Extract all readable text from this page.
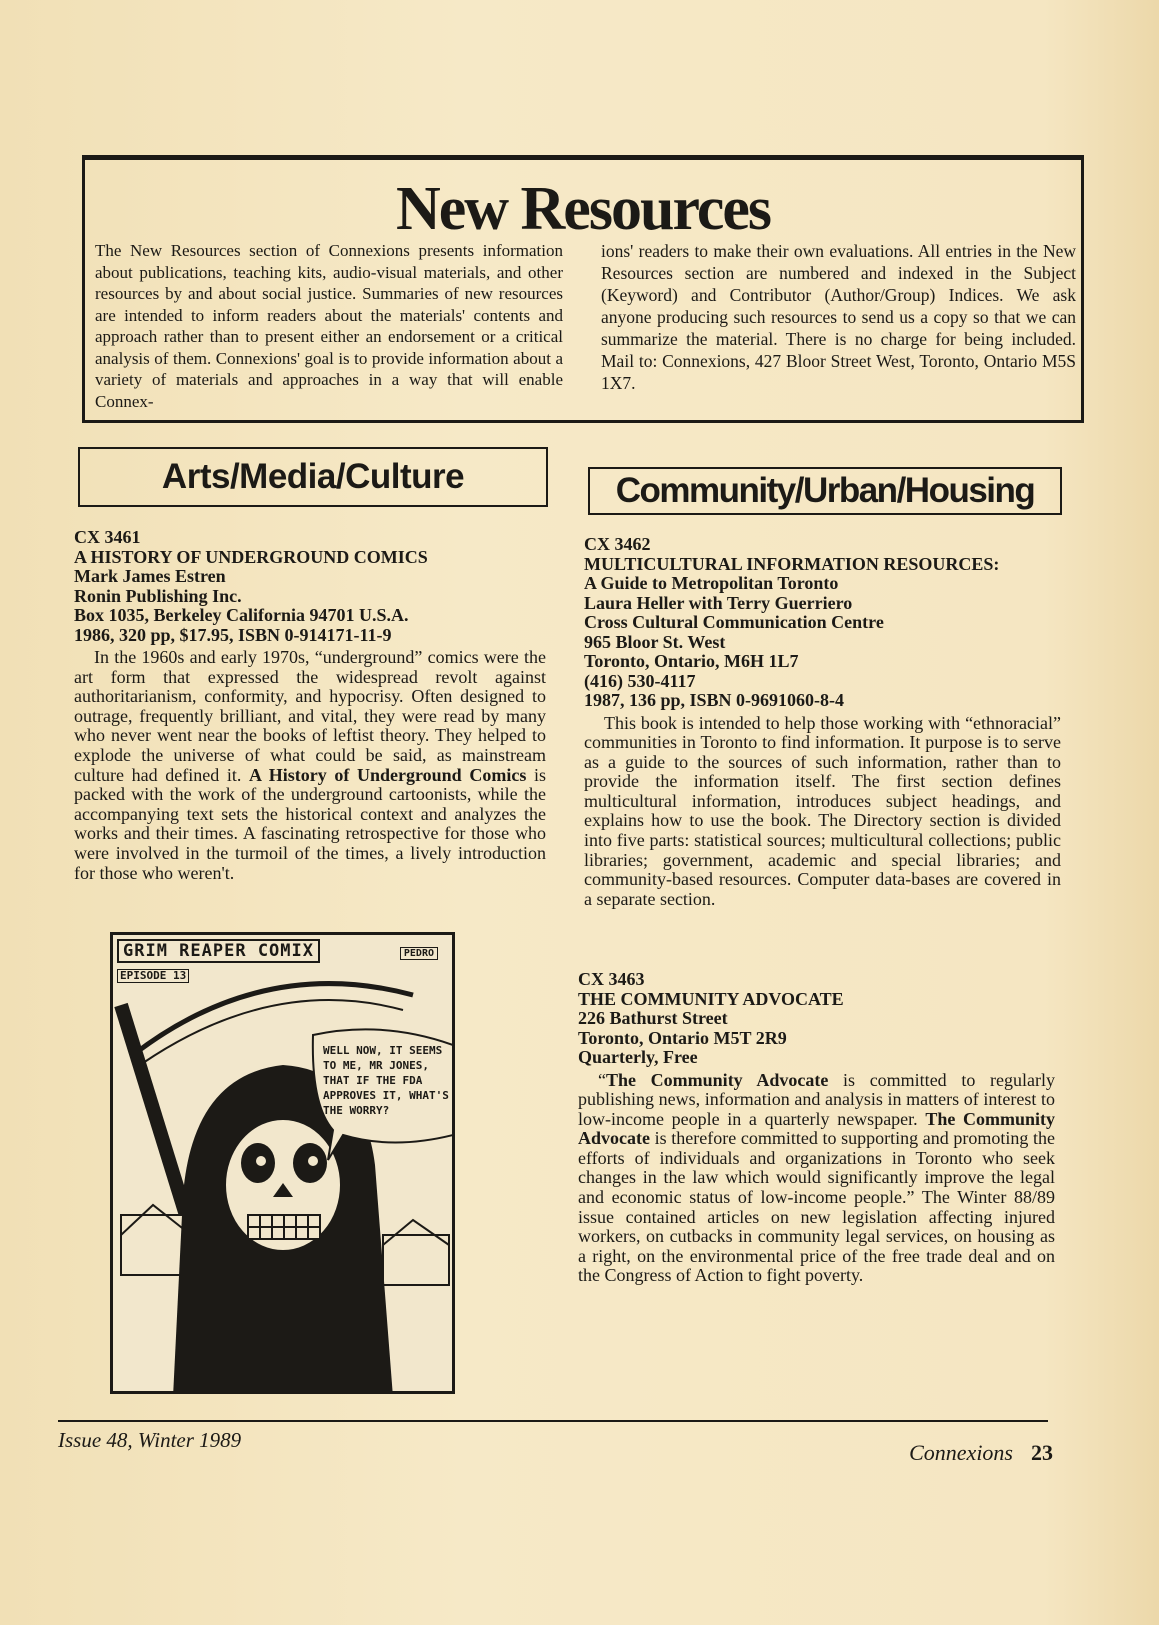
New Resources

The New Resources section of Connexions presents information about publications, teaching kits, audio-visual materials, and other resources by and about social justice. Summaries of new resources are intended to inform readers about the materials' contents and approach rather than to present either an endorsement or a critical analysis of them. Connexions' goal is to provide information about a variety of materials and approaches in a way that will enable Connex-

ions' readers to make their own evaluations. All entries in the New Resources section are numbered and indexed in the Subject (Keyword) and Contributor (Author/Group) Indices. We ask anyone producing such resources to send us a copy so that we can summarize the material. There is no charge for being included. Mail to: Connexions, 427 Bloor Street West, Toronto, Ontario M5S 1X7.

Arts/Media/Culture	Community/Urban/Housing

CX 3461

A HISTORY OF UNDERGROUND COMICS

Mark James Estren

Ronin Publishing Inc.

Box 1035, Berkeley California 94701 U.S.A.

1986, 320 pp, $17.95, ISBN 0-914171-11-9

In the 1960s and early 1970s, “underground” comics were the art form that expressed the widespread revolt against authoritarianism, conformity, and hypocrisy. Often designed to outrage, frequently brilliant, and vital, they were read by many who never went near the books of leftist theory. They helped to explode the universe of what could be said, as mainstream culture had defined it. A History of Underground Comics is packed with the work of the underground cartoonists, while the accompanying text sets the historical context and analyzes the works and their times. A fascinating retrospective for those who were involved in the turmoil of the times, a lively introduction for those who weren't.

GRIM REAPER COMIX	PEDRO
EPISODE 13
WELL NOW, IT SEEMS TO ME, MR JONES, THAT IF THE FDA APPROVES IT, WHAT'S THE WORRY?

CX 3462

MULTICULTURAL INFORMATION RESOURCES:

A Guide to Metropolitan Toronto

Laura Heller with Terry Guerriero

Cross Cultural Communication Centre

965 Bloor St. West

Toronto, Ontario, M6H 1L7

(416) 530-4117

1987, 136 pp, ISBN 0-9691060-8-4

This book is intended to help those working with “ethnoracial” communities in Toronto to find information. It purpose is to serve as a guide to the sources of such information, rather than to provide the information itself. The first section defines multicultural information, introduces subject headings, and explains how to use the book. The Directory section is divided into five parts: statistical sources; multicultural collections; public libraries; government, academic and special libraries; and community-based resources. Computer data-bases are covered in a separate section.

CX 3463

THE COMMUNITY ADVOCATE

226 Bathurst Street

Toronto, Ontario M5T 2R9

Quarterly, Free

“The Community Advocate is committed to regularly publishing news, information and analysis in matters of interest to low-income people in a quarterly newspaper. The Community Advocate is therefore committed to supporting and promoting the efforts of individuals and organizations in Toronto who seek changes in the law which would significantly improve the legal and economic status of low-income people.” The Winter 88/89 issue contained articles on new legislation affecting injured workers, on cutbacks in community legal services, on housing as a right, on the environmental price of the free trade deal and on the Congress of Action to fight poverty.

Issue 48, Winter 1989	Connexions 23
